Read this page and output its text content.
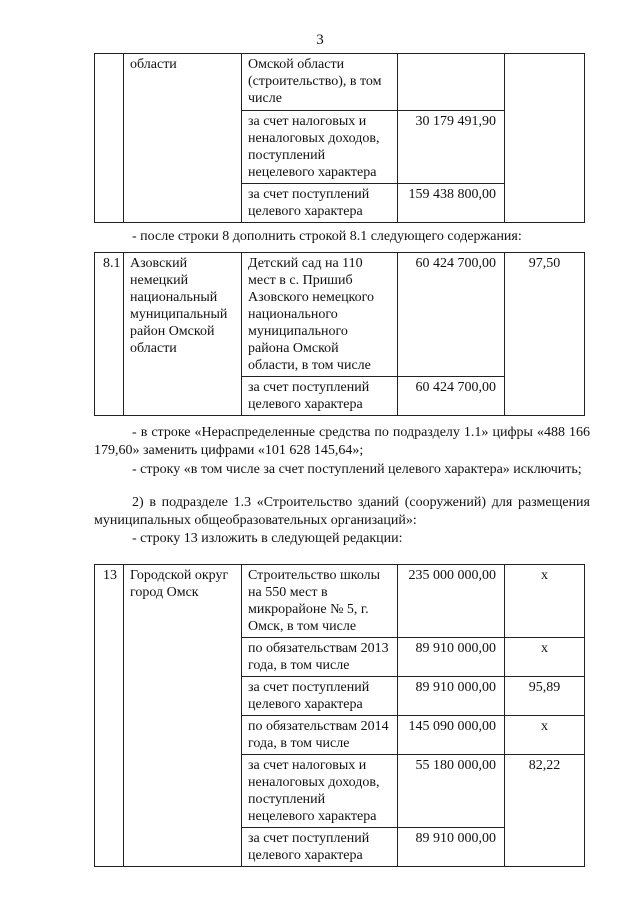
3
	области	Омской области (строительство), в том числе		
		за счет налоговых и неналоговых доходов, поступлений нецелевого характера	30 179 491,90	
		за счет поступлений целевого характера	159 438 800,00	
- после строки 8 дополнить строкой 8.1 следующего содержания:
8.1	Азовский немецкий национальный муниципальный район Омской области	Детский сад на 110 мест в с. Пришиб Азовского немецкого национального муниципального района Омской области, в том числе	60 424 700,00	97,50
		за счет поступлений целевого характера	60 424 700,00	
- в строке «Нераспределенные средства по подразделу 1.1» цифры «488 166 179,60» заменить цифрами «101 628 145,64»;
- строку «в том числе за счет поступлений целевого характера» исключить;
2) в подразделе 1.3 «Строительство зданий (сооружений) для размещения муниципальных общеобразовательных организаций»:
- строку 13 изложить в следующей редакции:
13	Городской округ город Омск	Строительство школы на 550 мест в микрорайоне № 5, г. Омск, в том числе	235 000 000,00	x
		по обязательствам 2013 года, в том числе	89 910 000,00	x
		за счет поступлений целевого характера	89 910 000,00	95,89
		по обязательствам 2014 года, в том числе	145 090 000,00	x
		за счет налоговых и неналоговых доходов, поступлений нецелевого характера	55 180 000,00	82,22
		за счет поступлений целевого характера	89 910 000,00	
